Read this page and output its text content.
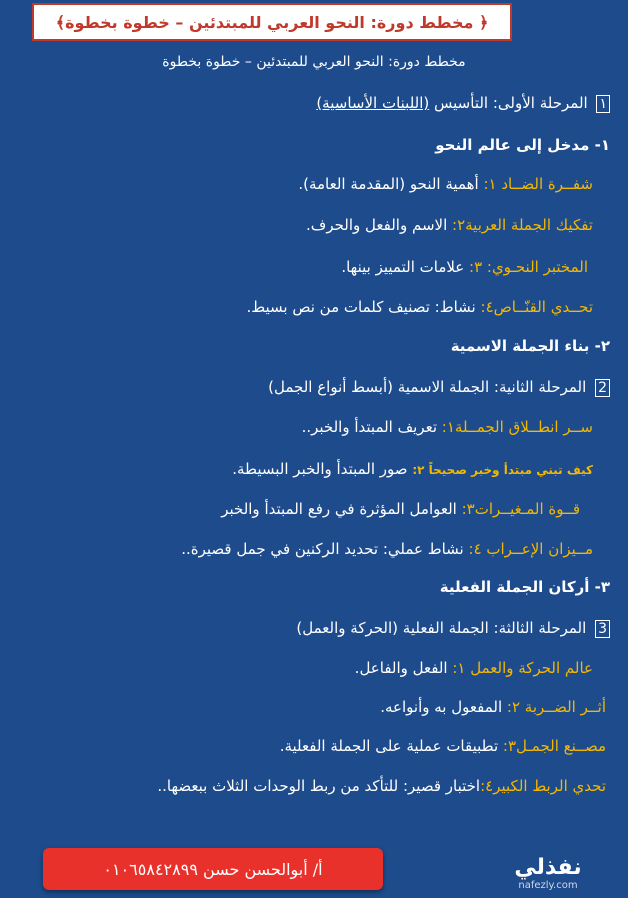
﴿ مخطط دورة: النحو العربي للمبتدئين – خطوة بخطوة﴾
مخطط دورة: النحو العربي للمبتدئين – خطوة بخطوة
١ المرحلة الأولى: التأسيس (اللبنات الأساسية)
١- مدخل إلى عالم النحو
شفــرة الضــاد ١: أهمية النحو (المقدمة العامة).
تفكيك الجملة العربية٢: الاسم والفعل والحرف.
المختبر النحـوي: ٣: علامات التمييز بينها.
تحــدي القنّــاص٤: نشاط: تصنيف كلمات من نص بسيط.
٢- بناء الجملة الاسمية
2 المرحلة الثانية: الجملة الاسمية (أبسط أنواع الجمل)
ســر انطــلاق الجمــلة١: تعريف المبتدأ والخبر..
كيف تبني مبتدأ وخبر صحيحاً ٢: صور المبتدأ والخبر البسيطة.
قــوة المـغيــرات٣: العوامل المؤثرة في رفع المبتدأ والخبر
مــيزان الإعــراب ٤: نشاط عملي: تحديد الركنين في جمل قصيرة..
٣- أركان الجملة الفعلية
3 المرحلة الثالثة: الجملة الفعلية (الحركة والعمل)
عالم الحركة والعمل ١: الفعل والفاعل.
أثــر الضــربة ٢: المفعول به وأنواعه.
مصــنع الجمـل٣: تطبيقات عملية على الجملة الفعلية.
تحدي الربط الكبير٤:اختبار قصير: للتأكد من ربط الوحدات الثلاث ببعضها..
أ/ أبوالحسن حسن ٠١٠٦٥٨٤٢٨٩٩	نفذلي
nafezly.com
